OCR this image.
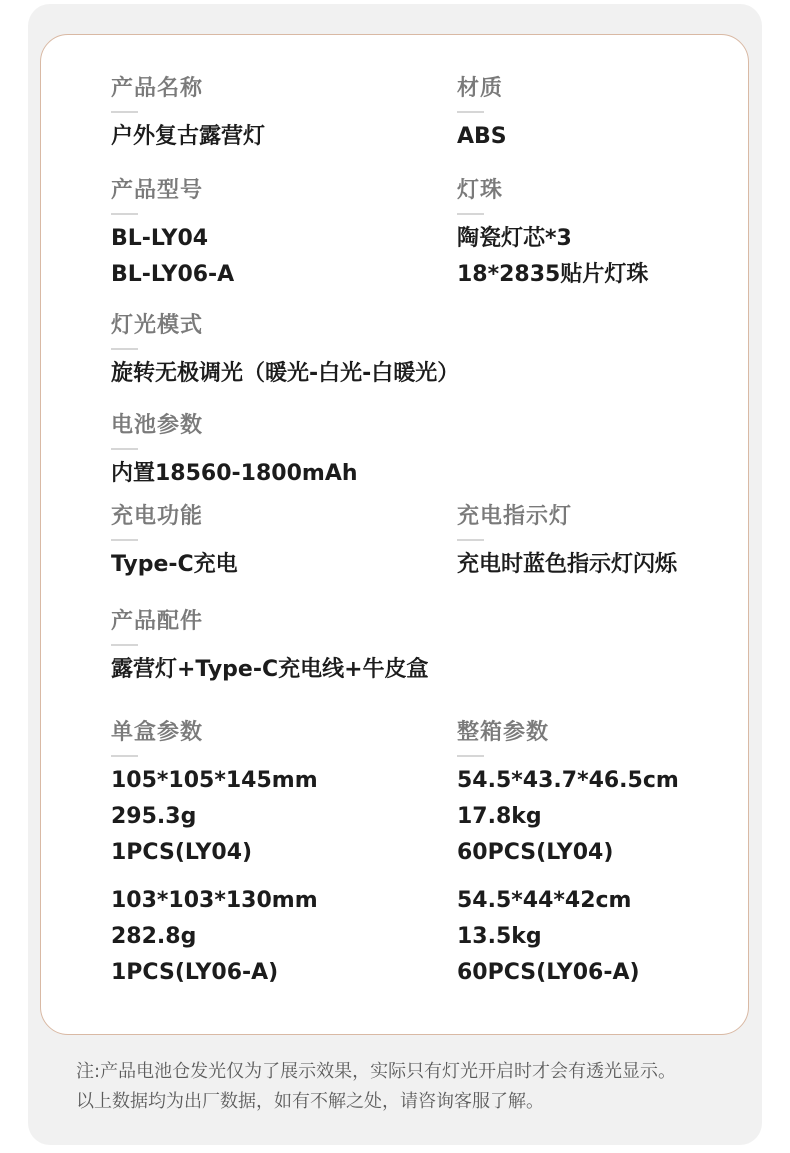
产品名称
户外复古露营灯
材质
ABS
产品型号
BL-LY04
BL-LY06-A
灯珠
陶瓷灯芯*3
18*2835贴片灯珠
灯光模式
旋转无极调光（暖光-白光-白暖光）
电池参数
内置18560-1800mAh
充电功能
Type-C充电
充电指示灯
充电时蓝色指示灯闪烁
产品配件
露营灯+Type-C充电线+牛皮盒
单盒参数
105*105*145mm
295.3g
1PCS(LY04)
103*103*130mm
282.8g
1PCS(LY06-A)
整箱参数
54.5*43.7*46.5cm
17.8kg
60PCS(LY04)
54.5*44*42cm
13.5kg
60PCS(LY06-A)
注:产品电池仓发光仅为了展示效果，实际只有灯光开启时才会有透光显示。
以上数据均为出厂数据，如有不解之处，请咨询客服了解。
